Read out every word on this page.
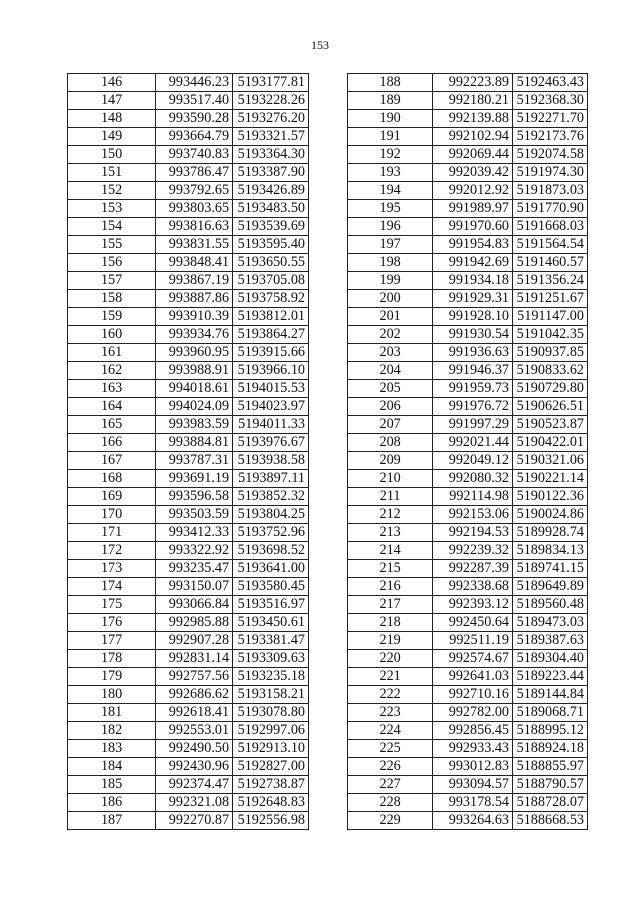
153
146	993446.23	5193177.81
147	993517.40	5193228.26
148	993590.28	5193276.20
149	993664.79	5193321.57
150	993740.83	5193364.30
151	993786.47	5193387.90
152	993792.65	5193426.89
153	993803.65	5193483.50
154	993816.63	5193539.69
155	993831.55	5193595.40
156	993848.41	5193650.55
157	993867.19	5193705.08
158	993887.86	5193758.92
159	993910.39	5193812.01
160	993934.76	5193864.27
161	993960.95	5193915.66
162	993988.91	5193966.10
163	994018.61	5194015.53
164	994024.09	5194023.97
165	993983.59	5194011.33
166	993884.81	5193976.67
167	993787.31	5193938.58
168	993691.19	5193897.11
169	993596.58	5193852.32
170	993503.59	5193804.25
171	993412.33	5193752.96
172	993322.92	5193698.52
173	993235.47	5193641.00
174	993150.07	5193580.45
175	993066.84	5193516.97
176	992985.88	5193450.61
177	992907.28	5193381.47
178	992831.14	5193309.63
179	992757.56	5193235.18
180	992686.62	5193158.21
181	992618.41	5193078.80
182	992553.01	5192997.06
183	992490.50	5192913.10
184	992430.96	5192827.00
185	992374.47	5192738.87
186	992321.08	5192648.83
187	992270.87	5192556.98
188	992223.89	5192463.43
189	992180.21	5192368.30
190	992139.88	5192271.70
191	992102.94	5192173.76
192	992069.44	5192074.58
193	992039.42	5191974.30
194	992012.92	5191873.03
195	991989.97	5191770.90
196	991970.60	5191668.03
197	991954.83	5191564.54
198	991942.69	5191460.57
199	991934.18	5191356.24
200	991929.31	5191251.67
201	991928.10	5191147.00
202	991930.54	5191042.35
203	991936.63	5190937.85
204	991946.37	5190833.62
205	991959.73	5190729.80
206	991976.72	5190626.51
207	991997.29	5190523.87
208	992021.44	5190422.01
209	992049.12	5190321.06
210	992080.32	5190221.14
211	992114.98	5190122.36
212	992153.06	5190024.86
213	992194.53	5189928.74
214	992239.32	5189834.13
215	992287.39	5189741.15
216	992338.68	5189649.89
217	992393.12	5189560.48
218	992450.64	5189473.03
219	992511.19	5189387.63
220	992574.67	5189304.40
221	992641.03	5189223.44
222	992710.16	5189144.84
223	992782.00	5189068.71
224	992856.45	5188995.12
225	992933.43	5188924.18
226	993012.83	5188855.97
227	993094.57	5188790.57
228	993178.54	5188728.07
229	993264.63	5188668.53
